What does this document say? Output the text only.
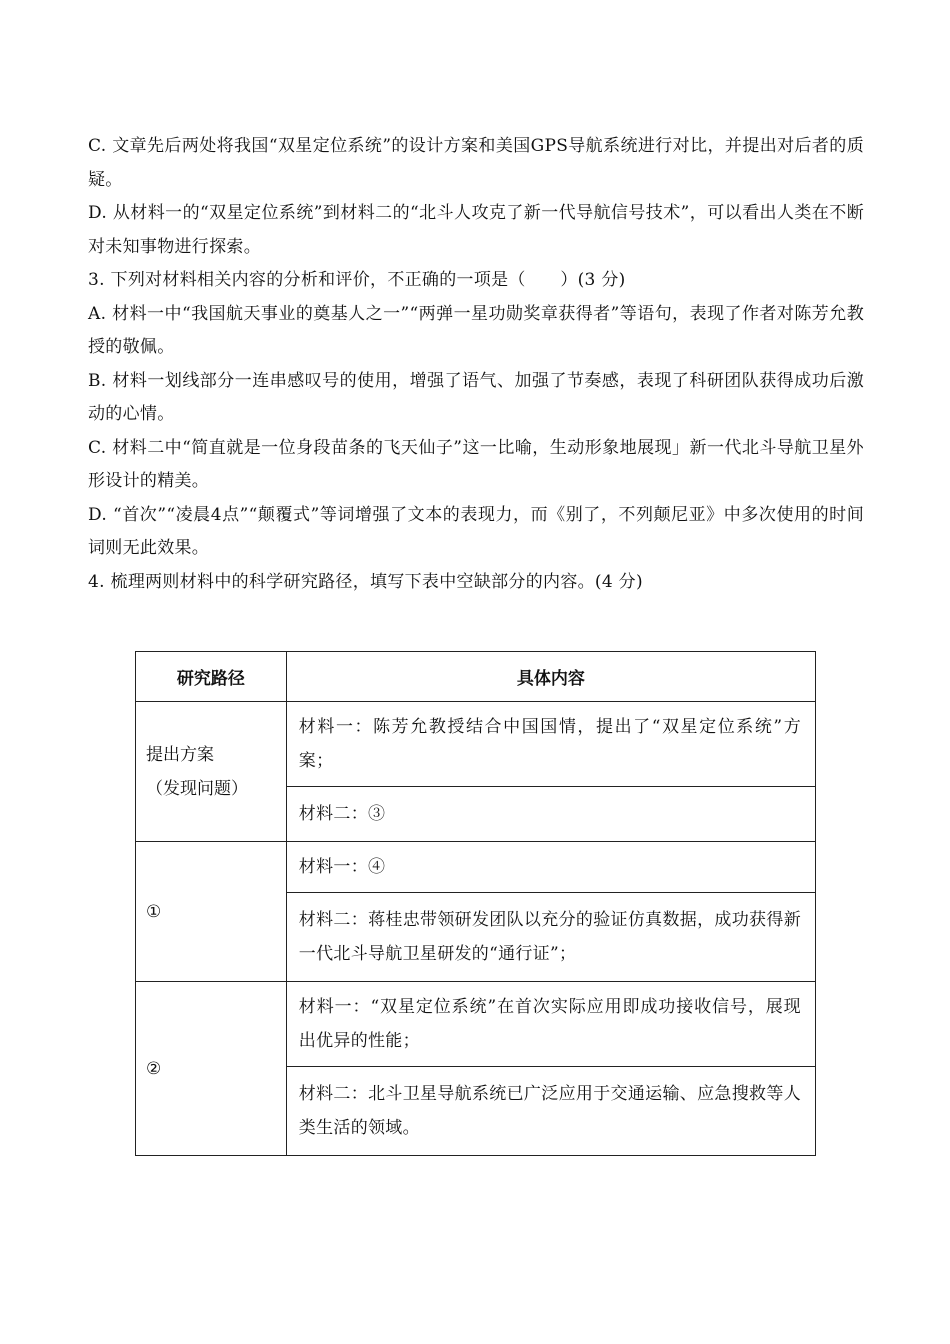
C. 文章先后两处将我国“双星定位系统”的设计方案和美国GPS导航系统进行对比，并提出对后者的质疑。

D. 从材料一的“双星定位系统”到材料二的“北斗人攻克了新一代导航信号技术”，可以看出人类在不断对未知事物进行探索。

3. 下列对材料相关内容的分析和评价，不正确的一项是（　　）(3 分)

A. 材料一中“我国航天事业的奠基人之一”“两弹一星功勋奖章获得者”等语句，表现了作者对陈芳允教授的敬佩。

B. 材料一划线部分一连串感叹号的使用，增强了语气、加强了节奏感，表现了科研团队获得成功后激动的心情。

C. 材料二中“简直就是一位身段苗条的飞天仙子”这一比喻，生动形象地展现」新一代北斗导航卫星外形设计的精美。

D. “首次”“凌晨4点”“颠覆式”等词增强了文本的表现力，而《别了，不列颠尼亚》中多次使用的时间词则无此效果。

4. 梳理两则材料中的科学研究路径，填写下表中空缺部分的内容。(4 分)

研究路径	具体内容

提出方案
（发现问题）	材料一：陈芳允教授结合中国国情，提出了“双星定位系统”方案；
	材料二：③
①	材料一：④
	材料二：蒋桂忠带领研发团队以充分的验证仿真数据，成功获得新一代北斗导航卫星研发的“通行证”；
②	材料一：“双星定位系统”在首次实际应用即成功接收信号，展现出优异的性能；
	材料二：北斗卫星导航系统已广泛应用于交通运输、应急搜救等人类生活的领域。
